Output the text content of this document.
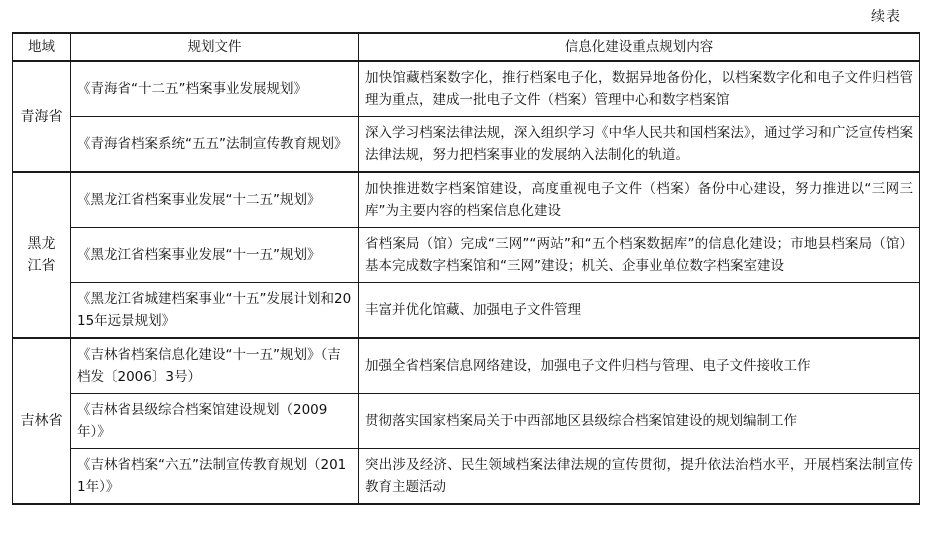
续表
地域	规划文件	信息化建设重点规划内容
青海省	《青海省“十二五”档案事业发展规划》	加快馆藏档案数字化，推行档案电子化，数据异地备份化，以档案数字化和电子文件归档管理为重点，建成一批电子文件（档案）管理中心和数字档案馆
	《青海省档案系统“五五”法制宣传教育规划》	深入学习档案法律法规，深入组织学习《中华人民共和国档案法》，通过学习和广泛宣传档案法律法规，努力把档案事业的发展纳入法制化的轨道。
黑龙江省	《黑龙江省档案事业发展“十二五”规划》	加快推进数字档案馆建设，高度重视电子文件（档案）备份中心建设，努力推进以“三网三库”为主要内容的档案信息化建设
	《黑龙江省档案事业发展“十一五”规划》	省档案局（馆）完成“三网”“两站”和“五个档案数据库”的信息化建设；市地县档案局（馆）基本完成数字档案馆和“三网”建设；机关、企事业单位数字档案室建设
	《黑龙江省城建档案事业“十五”发展计划和2015年远景规划》	丰富并优化馆藏、加强电子文件管理
吉林省	《吉林省档案信息化建设“十一五”规划》（吉档发〔2006〕3号）	加强全省档案信息网络建设，加强电子文件归档与管理、电子文件接收工作
	《吉林省县级综合档案馆建设规划（2009年）》	贯彻落实国家档案局关于中西部地区县级综合档案馆建设的规划编制工作
	《吉林省档案“六五”法制宣传教育规划（2011年）》	突出涉及经济、民生领域档案法律法规的宣传贯彻，提升依法治档水平，开展档案法制宣传教育主题活动
